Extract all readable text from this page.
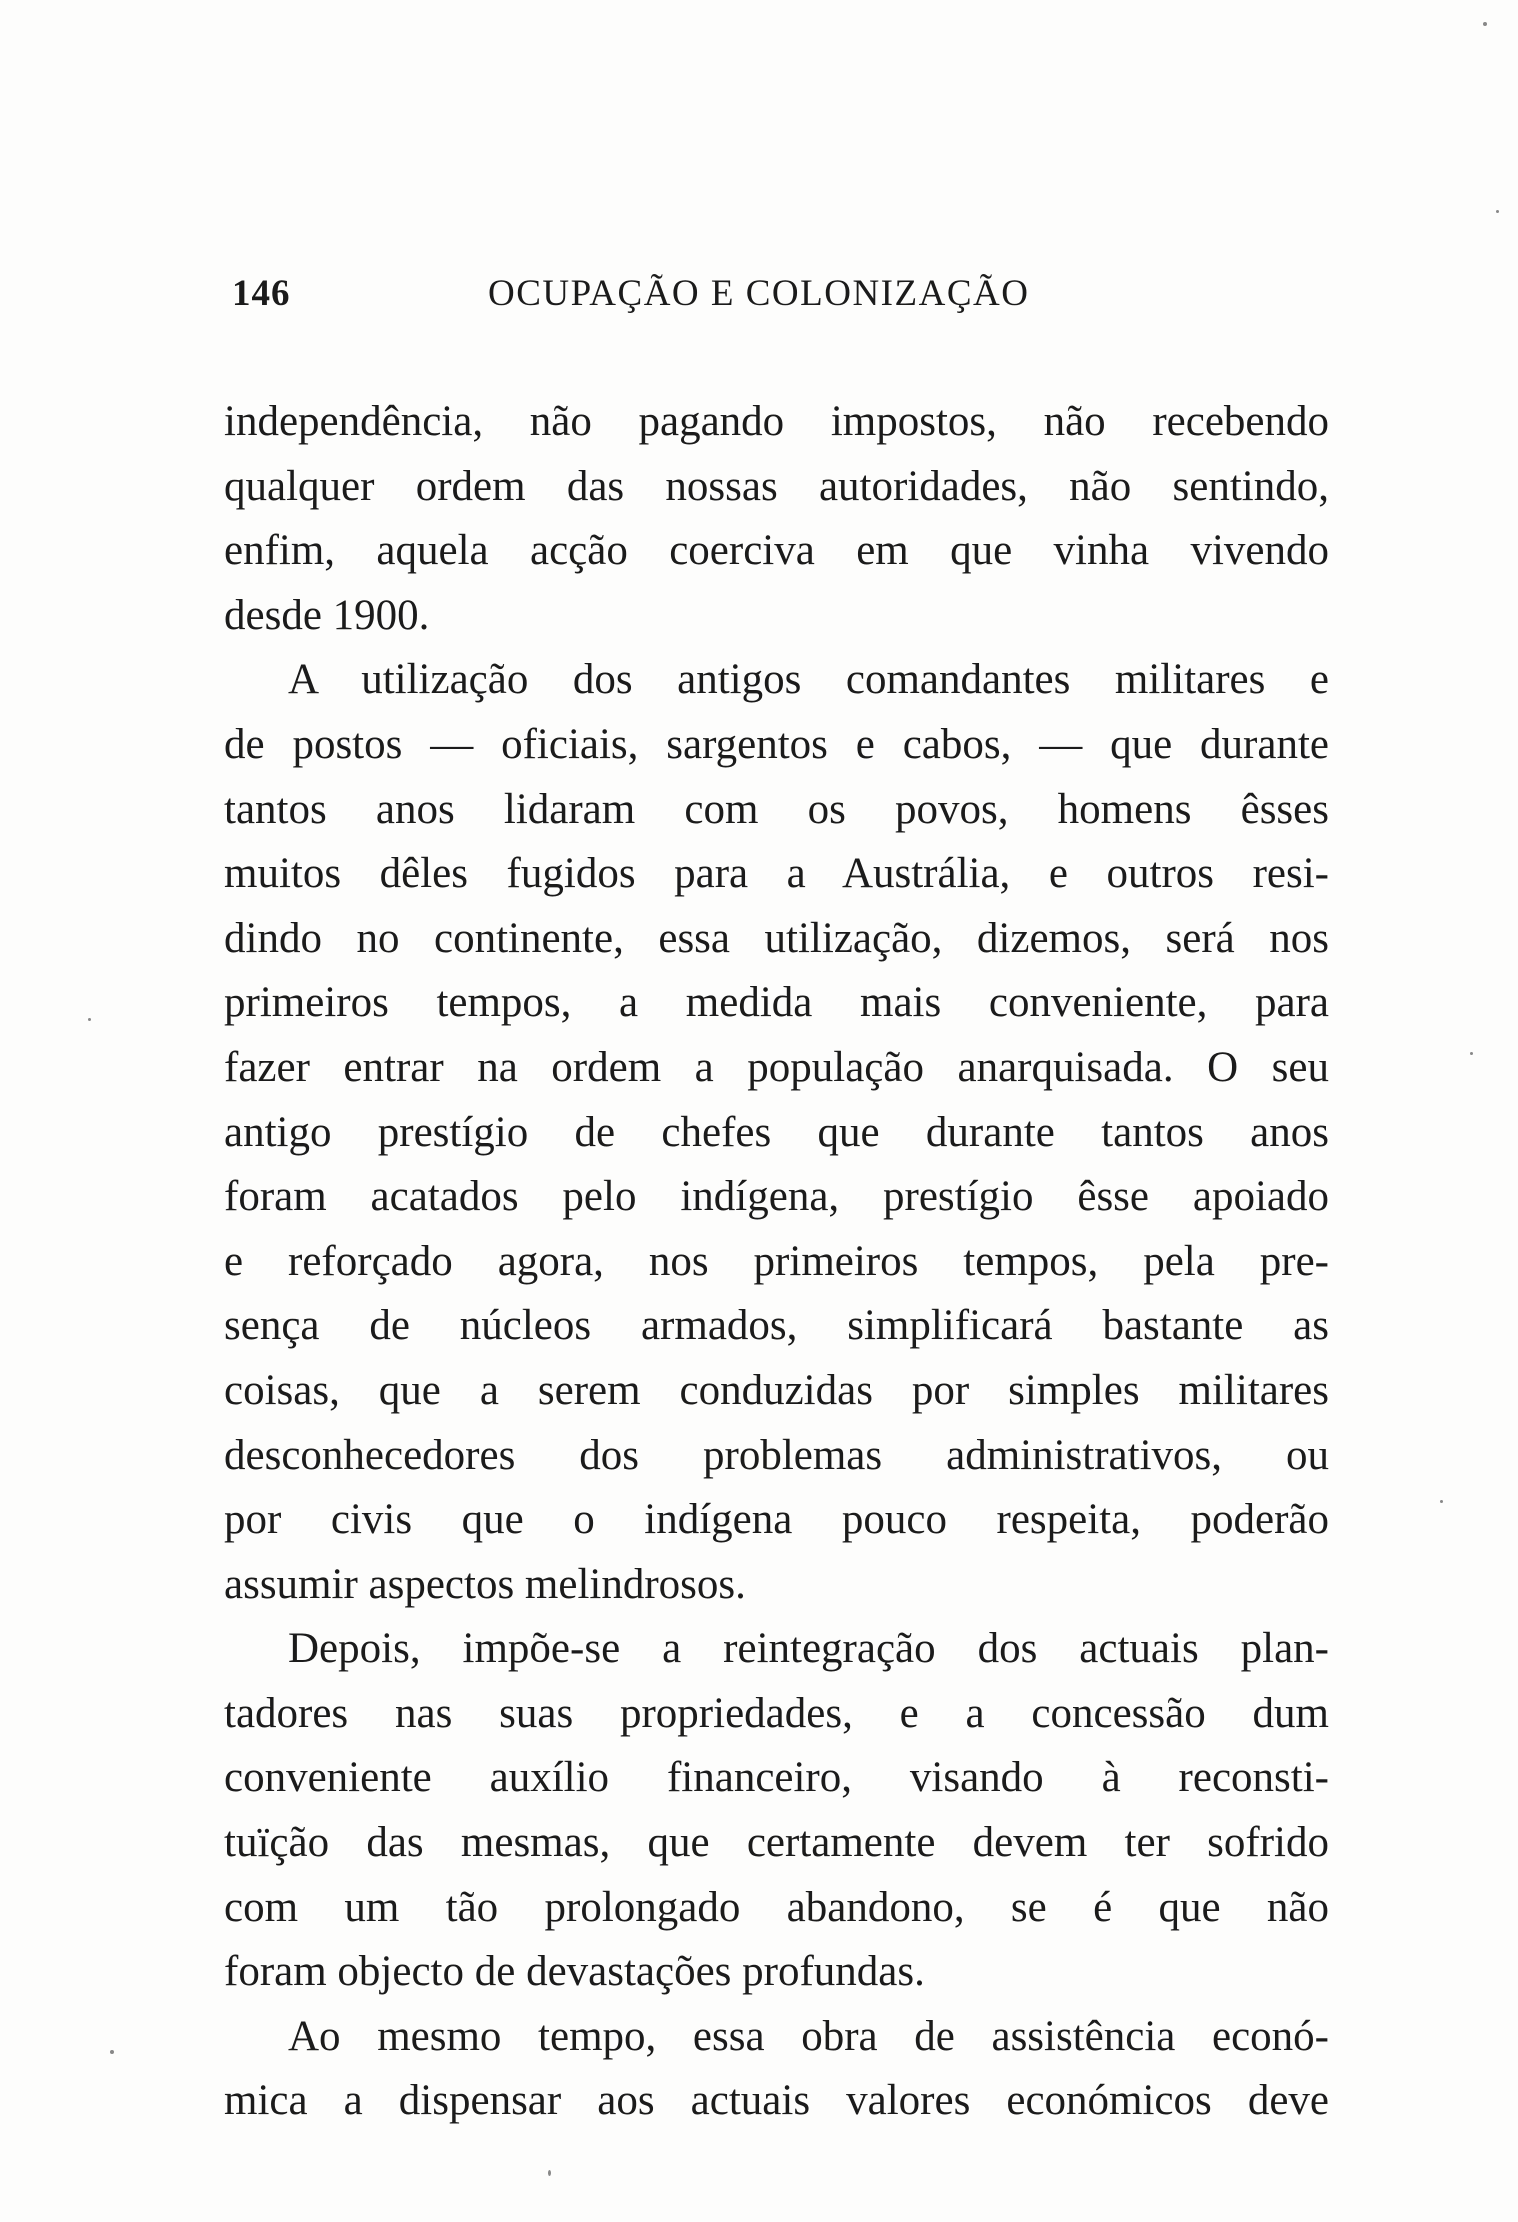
146	OCUPAÇÃO E COLONIZAÇÃO
independência, não pagando impostos, não recebendo
qualquer ordem das nossas autoridades, não sentindo,
enfim, aquela acção coerciva em que vinha vivendo
desde 1900.
A utilização dos antigos comandantes militares e
de postos — oficiais, sargentos e cabos, — que durante
tantos anos lidaram com os povos, homens êsses
muitos dêles fugidos para a Austrália, e outros resi-
dindo no continente, essa utilização, dizemos, será nos
primeiros tempos, a medida mais conveniente, para
fazer entrar na ordem a população anarquisada. O seu
antigo prestígio de chefes que durante tantos anos
foram acatados pelo indígena, prestígio êsse apoiado
e reforçado agora, nos primeiros tempos, pela pre-
sença de núcleos armados, simplificará bastante as
coisas, que a serem conduzidas por simples militares
desconhecedores dos problemas administrativos, ou
por civis que o indígena pouco respeita, poderão
assumir aspectos melindrosos.
Depois, impõe-se a reintegração dos actuais plan-
tadores nas suas propriedades, e a concessão dum
conveniente auxílio financeiro, visando à reconsti-
tuïção das mesmas, que certamente devem ter sofrido
com um tão prolongado abandono, se é que não
foram objecto de devastações profundas.
Ao mesmo tempo, essa obra de assistência econó-
mica a dispensar aos actuais valores económicos deve
